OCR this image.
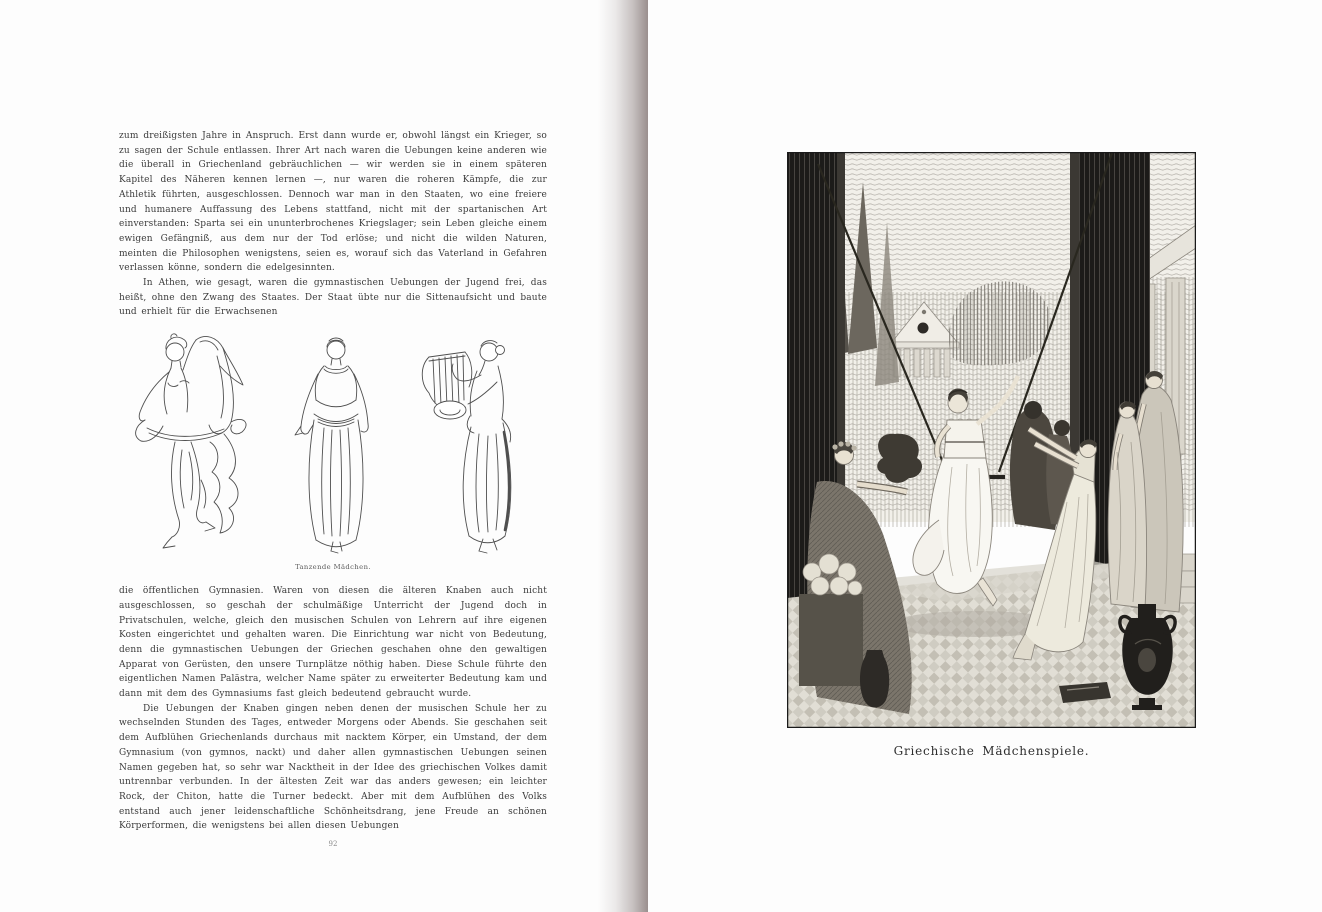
zum dreißigsten Jahre in Anspruch. Erst dann wurde er, obwohl längst ein Krieger, so zu sagen der Schule entlassen. Ihrer Art nach waren die Uebungen keine anderen wie die überall in Griechenland gebräuchlichen — wir werden sie in einem späteren Kapitel des Näheren kennen lernen —, nur waren die roheren Kämpfe, die zur Athletik führten, ausgeschlossen. Dennoch war man in den Staaten, wo eine freiere und humanere Auffassung des Lebens stattfand, nicht mit der spartanischen Art einverstanden: Sparta sei ein ununterbrochenes Kriegslager; sein Leben gleiche einem ewigen Gefängniß, aus dem nur der Tod erlöse; und nicht die wilden Naturen, meinten die Philosophen wenigstens, seien es, worauf sich das Vaterland in Gefahren verlassen könne, sondern die edelgesinnten.

In Athen, wie gesagt, waren die gymnastischen Uebungen der Jugend frei, das heißt, ohne den Zwang des Staates. Der Staat übte nur die Sittenaufsicht und baute und erhielt für die Erwachsenen

Tanzende Mädchen.

die öffentlichen Gymnasien. Waren von diesen die älteren Knaben auch nicht ausgeschlossen, so geschah der schulmäßige Unterricht der Jugend doch in Privatschulen, welche, gleich den musischen Schulen von Lehrern auf ihre eigenen Kosten eingerichtet und gehalten waren. Die Einrichtung war nicht von Bedeutung, denn die gymnastischen Uebungen der Griechen geschahen ohne den gewaltigen Apparat von Gerüsten, den unsere Turnplätze nöthig haben. Diese Schule führte den eigentlichen Namen Palästra, welcher Name später zu erweiterter Bedeutung kam und dann mit dem des Gymnasiums fast gleich bedeutend gebraucht wurde.

Die Uebungen der Knaben gingen neben denen der musischen Schule her zu wechselnden Stunden des Tages, entweder Morgens oder Abends. Sie geschahen seit dem Aufblühen Griechenlands durchaus mit nacktem Körper, ein Umstand, der dem Gymnasium (von gymnos, nackt) und daher allen gymnastischen Uebungen seinen Namen gegeben hat, so sehr war Nacktheit in der Idee des griechischen Volkes damit untrennbar verbunden. In der ältesten Zeit war das anders gewesen; ein leichter Rock, der Chiton, hatte die Turner bedeckt. Aber mit dem Aufblühen des Volks entstand auch jener leidenschaftliche Schönheitsdrang, jene Freude an schönen Körperformen, die wenigstens bei allen diesen Uebungen

92
Griechische Mädchenspiele.
